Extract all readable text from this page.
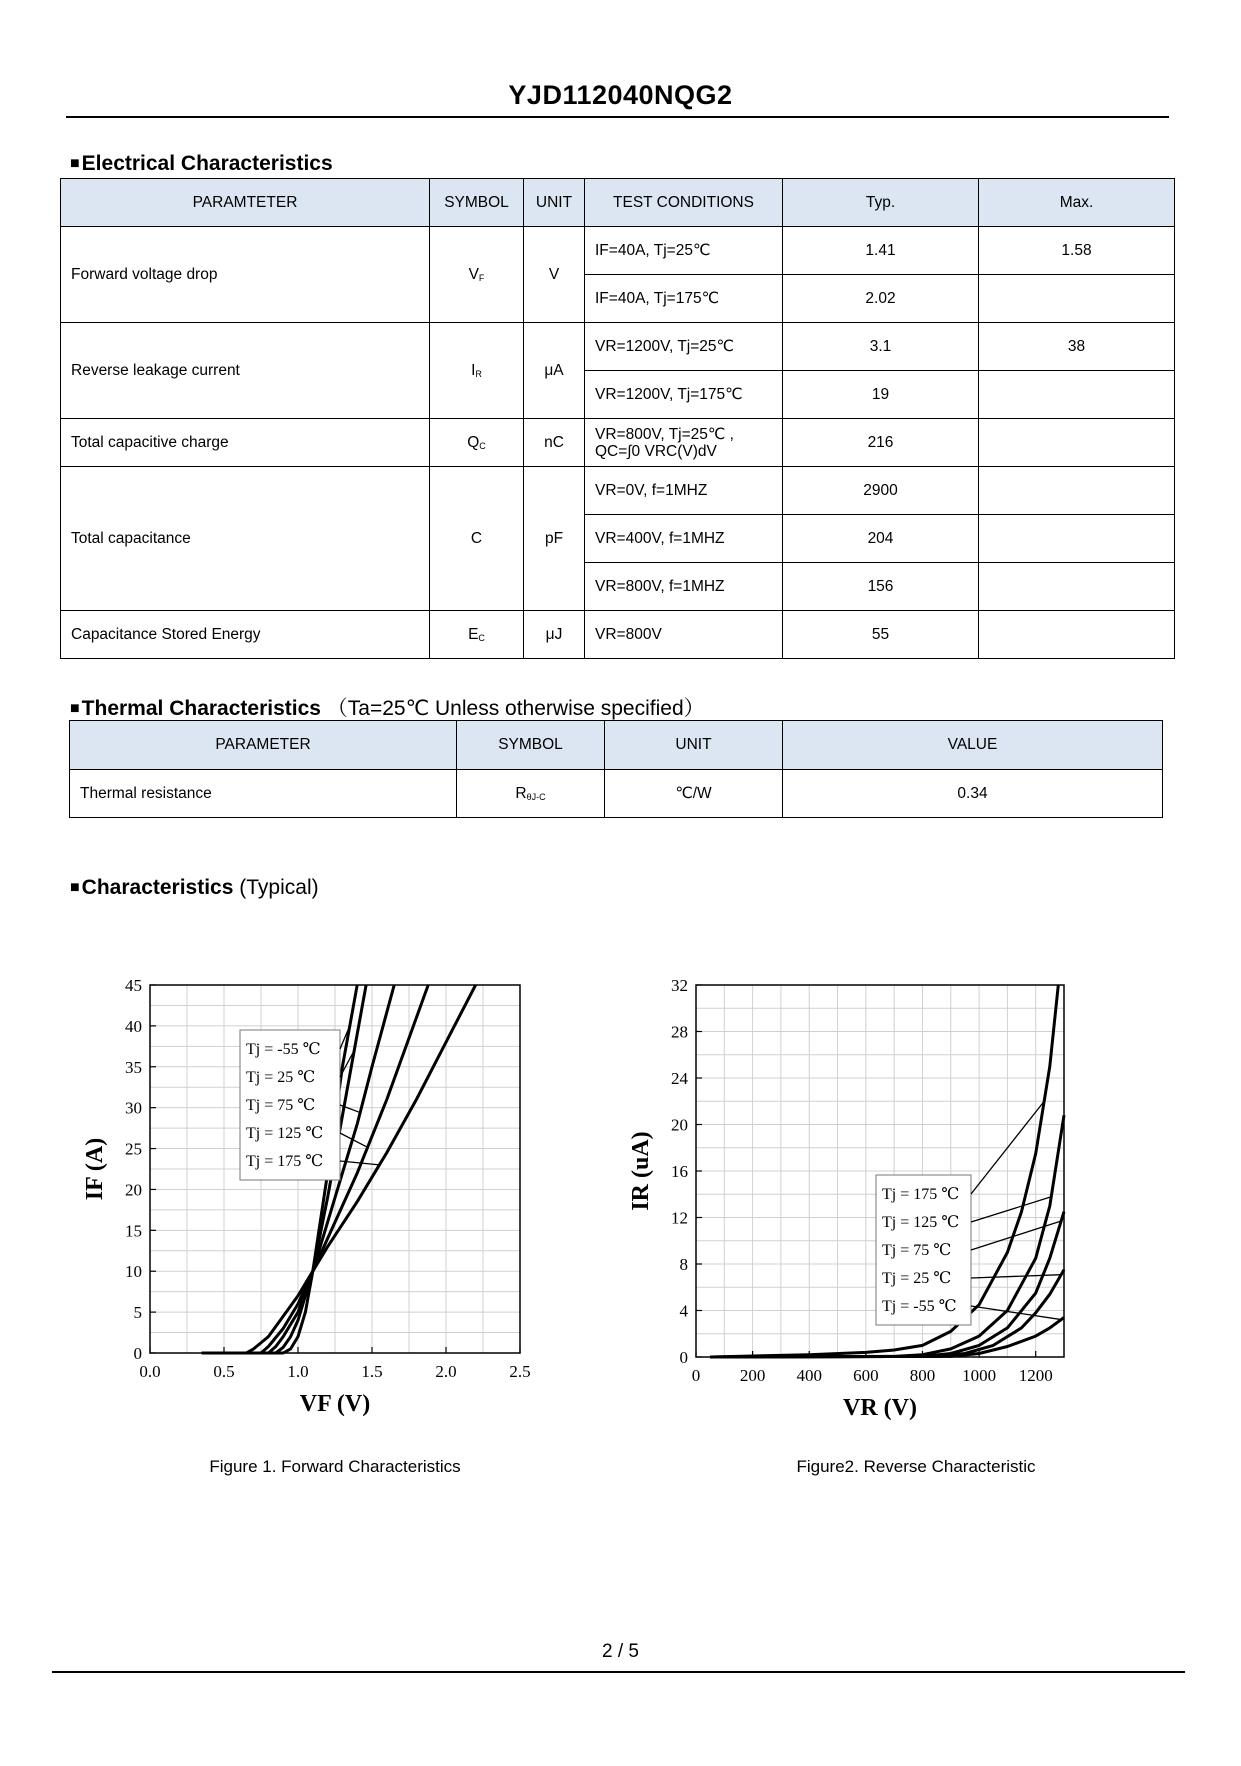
YJD112040NQG2
■Electrical Characteristics
PARAMTETER	SYMBOL	UNIT	TEST CONDITIONS	Typ.	Max.
Forward voltage drop	$V_F$	V	IF=40A, Tj=25℃	1.41	1.58
			IF=40A, Tj=175℃	2.02	
Reverse leakage current	$I_R$	μA	VR=1200V, Tj=25℃	3.1	38
			VR=1200V, Tj=175℃	19	
Total capacitive charge	$Q_C$	nC	VR=800V, Tj=25℃ ,
QC=∫0 VRC(V)dV	216	
Total capacitance	C	pF	VR=0V, f=1MHZ	2900	
			VR=400V, f=1MHZ	204	
			VR=800V, f=1MHZ	156	
Capacitance Stored Energy	$E_C$	μJ	VR=800V	55	
■Thermal Characteristics （Ta=25℃ Unless otherwise specified）
PARAMETER	SYMBOL	UNIT	VALUE
Thermal resistance	$R_{\theta J-C}$	℃/W	0.34
■Characteristics (Typical)
0.0	0.5	1.0	1.5	2.0	2.5
0
5
10
15
20
25
30
35
40
45
VF (V)
IF (A)
Tj = -55 ℃
Tj = 25 ℃
Tj = 75 ℃
Tj = 125 ℃
Tj = 175 ℃
0 200 400 600 800 1000 1200
0
4
8
12
16
20
24
28
32
VR (V)
IR (uA)	Tj = 175 ℃
Tj = 125 ℃
Tj = 75 ℃
Tj = 25 ℃
Tj = -55 ℃
Figure 1. Forward Characteristics	Figure2. Reverse Characteristic
2 / 5
